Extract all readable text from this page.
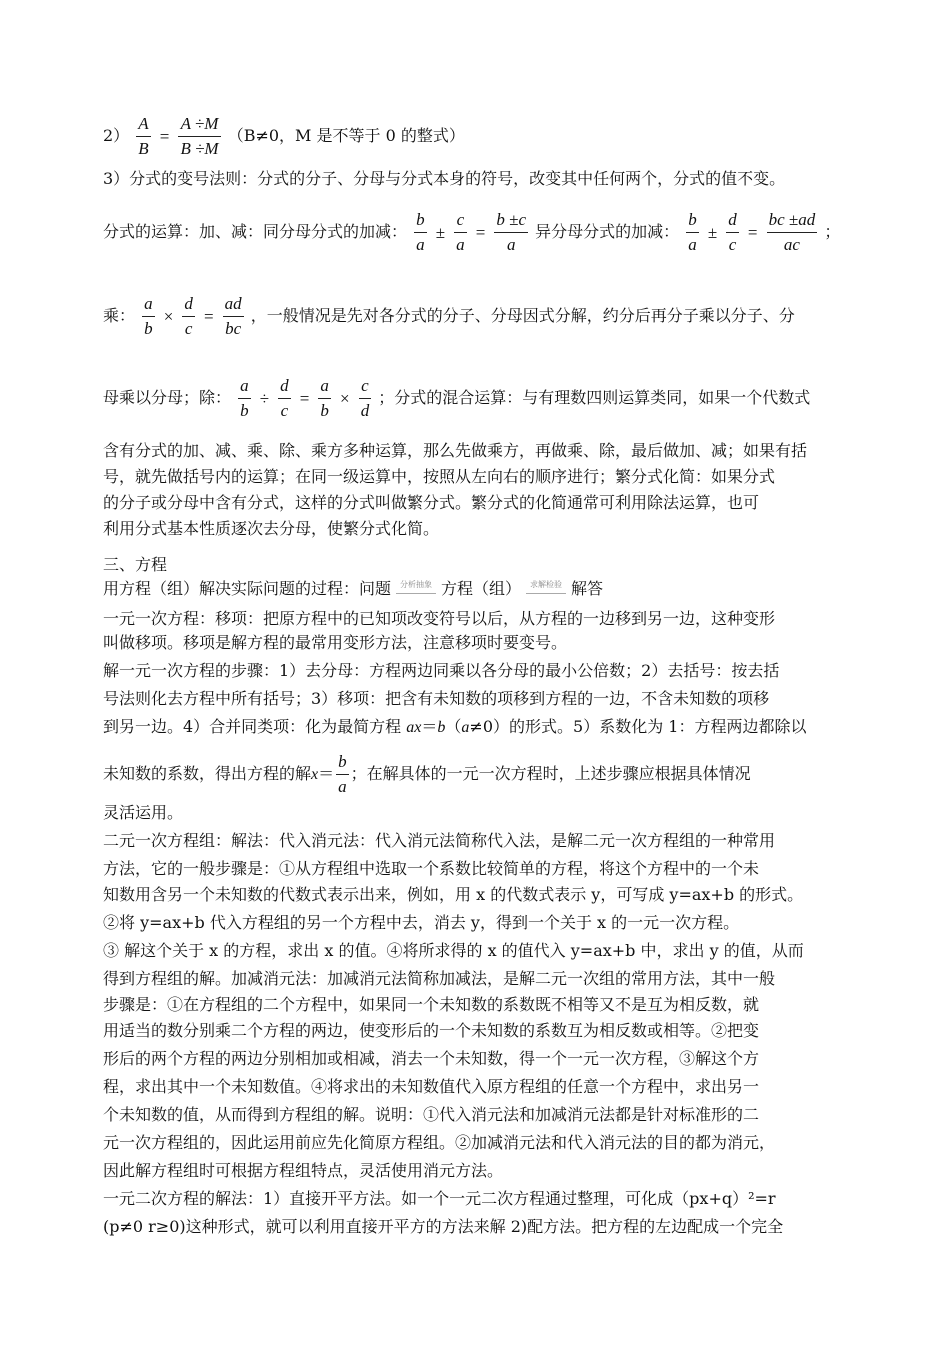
$2) \frac{A}{B} = \frac{A \div M}{B \div M} (B\ne 0$，M 是不等于 0 的整式）
3）分式的变号法则：分式的分子、分母与分式本身的符号，改变其中任何两个，分式的值不变。
分式的运算：加、减：同分母分式的加减： $\frac{b}{a} \pm \frac{c}{a} = \frac{b \pm c}{a}$ 异分母分式的加减： $\frac{b}{a} \pm \frac{d}{c} = \frac{bc \pm ad}{ac}$ ；
乘： $\frac{a}{b} \times \frac{d}{c} = \frac{ad}{bc}$ ，一般情况是先对各分式的分子、分母因式分解，约分后再分子乘以分子、分
母乘以分母；除： $\frac{a}{b} \div \frac{d}{c} = \frac{a}{b} \times \frac{c}{d}$ ；分式的混合运算：与有理数四则运算类同，如果一个代数式
含有分式的加、减、乘、除、乘方多种运算，那么先做乘方，再做乘、除，最后做加、减；如果有括
号，就先做括号内的运算；在同一级运算中，按照从左向右的顺序进行；繁分式化简：如果分式
的分子或分母中含有分式，这样的分式叫做繁分式。繁分式的化简通常可利用除法运算，也可
利用分式基本性质逐次去分母，使繁分式化简。
三、方程
用方程（组）解决实际问题的过程：问题	分析抽象 方程（组）	求解检验 解答
一元一次方程：移项：把原方程中的已知项改变符号以后，从方程的一边移到另一边，这种变形
叫做移项。移项是解方程的最常用变形方法，注意移项时要变号。
解一元一次方程的步骤：1）去分母：方程两边同乘以各分母的最小公倍数；2）去括号：按去括
号法则化去方程中所有括号；3）移项：把含有未知数的项移到方程的一边，不含未知数的项移
到另一边。4）合并同类项：化为最简方程 ax＝b（a≠0）的形式。5）系数化为 1：方程两边都除以
未知数的系数，得出方程的解$x= \frac{b}{a}$ ；在解具体的一元一次方程时，上述步骤应根据具体情况
灵活运用。
二元一次方程组：解法：代入消元法：代入消元法简称代入法，是解二元一次方程组的一种常用
方法，它的一般步骤是：①从方程组中选取一个系数比较简单的方程，将这个方程中的一个未
知数用含另一个未知数的代数式表示出来，例如，用 x 的代数式表示 y，可写成 y=ax+b 的形式。
②将 y=ax+b 代入方程组的另一个方程中去，消去 y，得到一个关于 x 的一元一次方程。
③ 解这个关于 x 的方程，求出 x 的值。④将所求得的 x 的值代入 y=ax+b 中，求出 y 的值，从而
得到方程组的解。加减消元法：加减消元法简称加减法，是解二元一次组的常用方法，其中一般
步骤是：①在方程组的二个方程中，如果同一个未知数的系数既不相等又不是互为相反数，就
用适当的数分别乘二个方程的两边，使变形后的一个未知数的系数互为相反数或相等。②把变
形后的两个方程的两边分别相加或相减，消去一个未知数，得一个一元一次方程，③解这个方
程，求出其中一个未知数值。④将求出的未知数值代入原方程组的任意一个方程中，求出另一
个未知数的值，从而得到方程组的解。说明：①代入消元法和加减消元法都是针对标准形的二
元一次方程组的，因此运用前应先化简原方程组。②加减消元法和代入消元法的目的都为消元，
因此解方程组时可根据方程组特点，灵活使用消元方法。
一元二次方程的解法：1）直接开平方法。如一个一元二次方程通过整理，可化成（px+q）²=r
(p≠0 r≥0)这种形式，就可以利用直接开平方的方法来解 2)配方法。把方程的左边配成一个完全
